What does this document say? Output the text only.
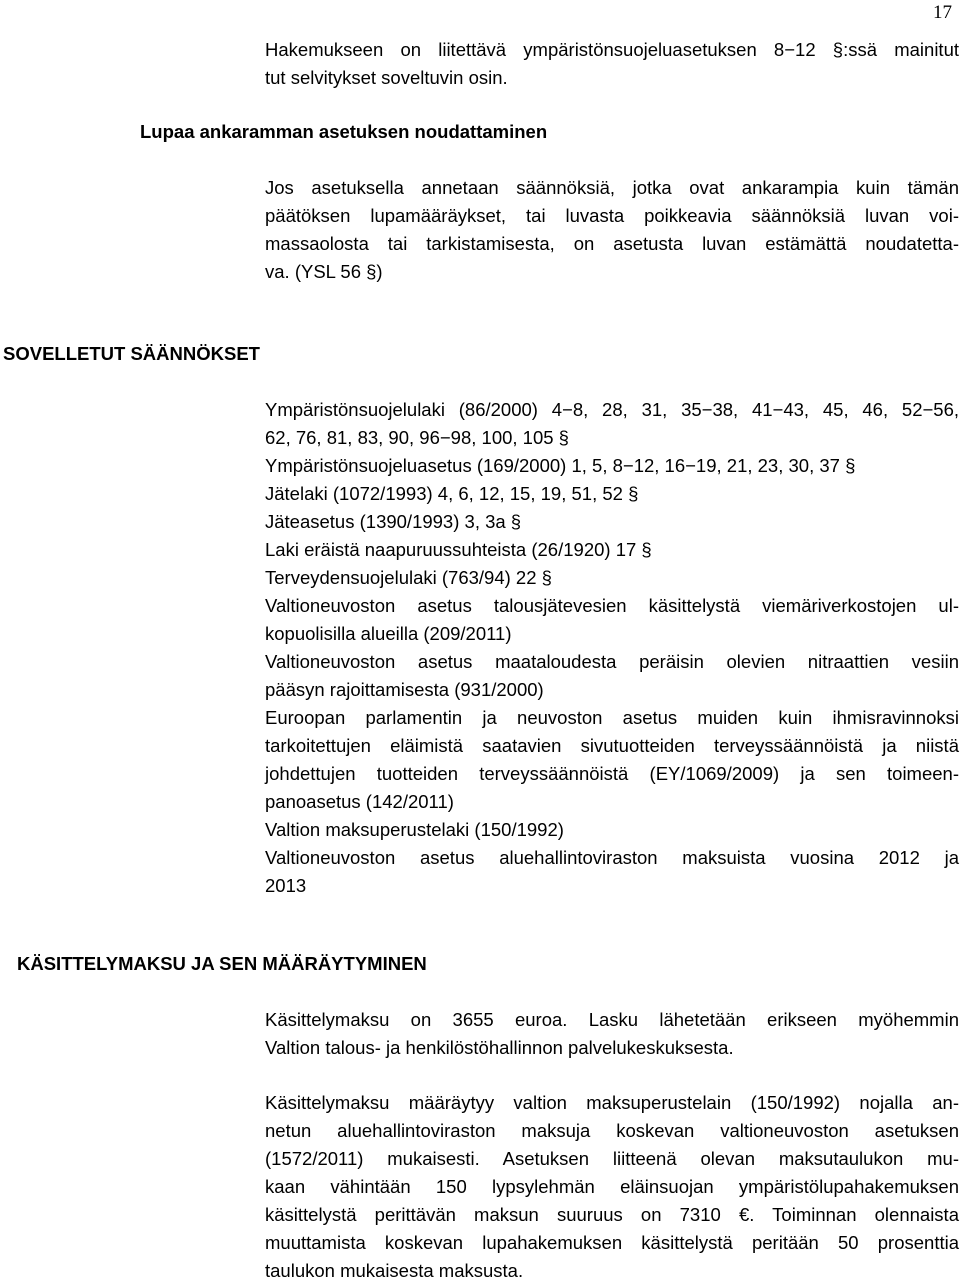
17
Hakemukseen on liitettävä ympäristönsuojeluasetuksen 8−12 §:ssä mainitut
tut selvitykset soveltuvin osin.
Lupaa ankaramman asetuksen noudattaminen
Jos asetuksella annetaan säännöksiä, jotka ovat ankarampia kuin tämän
päätöksen lupamääräykset, tai luvasta poikkeavia säännöksiä luvan voi-
massaolosta tai tarkistamisesta, on asetusta luvan estämättä noudatetta-
va. (YSL 56 §)
SOVELLETUT SÄÄNNÖKSET
Ympäristönsuojelulaki (86/2000) 4−8, 28, 31, 35−38, 41−43, 45, 46, 52−56,
62, 76, 81, 83, 90, 96−98, 100, 105 §
Ympäristönsuojeluasetus (169/2000) 1, 5, 8−12, 16−19, 21, 23, 30, 37 §
Jätelaki (1072/1993) 4, 6, 12, 15, 19, 51, 52 §
Jäteasetus (1390/1993) 3, 3a §
Laki eräistä naapuruussuhteista (26/1920) 17 §
Terveydensuojelulaki (763/94) 22 §
Valtioneuvoston asetus talousjätevesien käsittelystä viemäriverkostojen ul-
kopuolisilla alueilla (209/2011)
Valtioneuvoston asetus maataloudesta peräisin olevien nitraattien vesiin
pääsyn rajoittamisesta (931/2000)
Euroopan parlamentin ja neuvoston asetus muiden kuin ihmisravinnoksi
tarkoitettujen eläimistä saatavien sivutuotteiden terveyssäännöistä ja niistä
johdettujen tuotteiden terveyssäännöistä (EY/1069/2009) ja sen toimeen-
panoasetus (142/2011)
Valtion maksuperustelaki (150/1992)
Valtioneuvoston asetus aluehallintoviraston maksuista vuosina 2012 ja
2013
KÄSITTELYMAKSU JA SEN MÄÄRÄYTYMINEN
Käsittelymaksu on 3655 euroa. Lasku lähetetään erikseen myöhemmin
Valtion talous- ja henkilöstöhallinnon palvelukeskuksesta.
Käsittelymaksu määräytyy valtion maksuperustelain (150/1992) nojalla an-
netun aluehallintoviraston maksuja koskevan valtioneuvoston asetuksen
(1572/2011) mukaisesti. Asetuksen liitteenä olevan maksutaulukon mu-
kaan vähintään 150 lypsylehmän eläinsuojan ympäristölupahakemuksen
käsittelystä perittävän maksun suuruus on 7310 €. Toiminnan olennaista
muuttamista koskevan lupahakemuksen käsittelystä peritään 50 prosenttia
taulukon mukaisesta maksusta.
